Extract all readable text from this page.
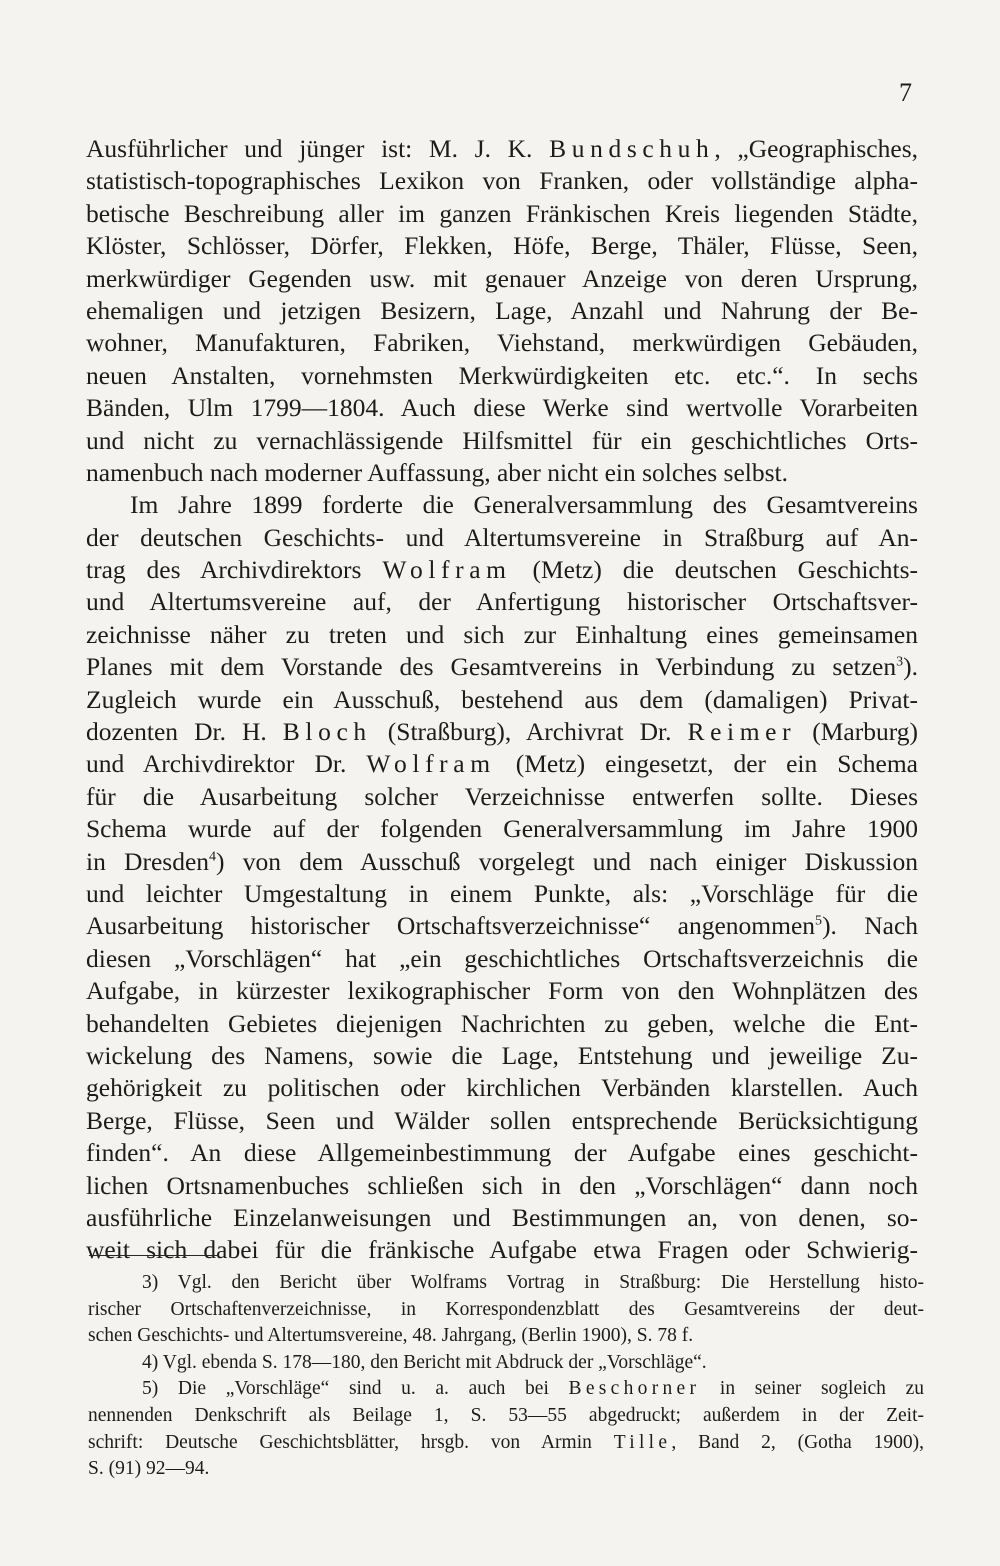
7
Ausführlicher und jünger ist: M. J. K. Bundschuh, „Geographisches,
statistisch-topographisches Lexikon von Franken, oder vollständige alpha-
betische Beschreibung aller im ganzen Fränkischen Kreis liegenden Städte,
Klöster, Schlösser, Dörfer, Flekken, Höfe, Berge, Thäler, Flüsse, Seen,
merkwürdiger Gegenden usw. mit genauer Anzeige von deren Ursprung,
ehemaligen und jetzigen Besizern, Lage, Anzahl und Nahrung der Be-
wohner, Manufakturen, Fabriken, Viehstand, merkwürdigen Gebäuden,
neuen Anstalten, vornehmsten Merkwürdigkeiten etc. etc.“. In sechs
Bänden, Ulm 1799—1804. Auch diese Werke sind wertvolle Vorarbeiten
und nicht zu vernachlässigende Hilfsmittel für ein geschichtliches Orts-
namenbuch nach moderner Auffassung, aber nicht ein solches selbst.
Im Jahre 1899 forderte die Generalversammlung des Gesamtvereins
der deutschen Geschichts- und Altertumsvereine in Straßburg auf An-
trag des Archivdirektors Wolfram (Metz) die deutschen Geschichts-
und Altertumsvereine auf, der Anfertigung historischer Ortschaftsver-
zeichnisse näher zu treten und sich zur Einhaltung eines gemeinsamen
Planes mit dem Vorstande des Gesamtvereins in Verbindung zu setzen$^3$).
Zugleich wurde ein Ausschuß, bestehend aus dem (damaligen) Privat-
dozenten Dr. H. Bloch (Straßburg), Archivrat Dr. Reimer (Marburg)
und Archivdirektor Dr. Wolfram (Metz) eingesetzt, der ein Schema
für die Ausarbeitung solcher Verzeichnisse entwerfen sollte. Dieses
Schema wurde auf der folgenden Generalversammlung im Jahre 1900
in Dresden$^4$) von dem Ausschuß vorgelegt und nach einiger Diskussion
und leichter Umgestaltung in einem Punkte, als: „Vorschläge für die
Ausarbeitung historischer Ortschaftsverzeichnisse“ angenommen$^5$). Nach
diesen „Vorschlägen“ hat „ein geschichtliches Ortschaftsverzeichnis die
Aufgabe, in kürzester lexikographischer Form von den Wohnplätzen des
behandelten Gebietes diejenigen Nachrichten zu geben, welche die Ent-
wickelung des Namens, sowie die Lage, Entstehung und jeweilige Zu-
gehörigkeit zu politischen oder kirchlichen Verbänden klarstellen. Auch
Berge, Flüsse, Seen und Wälder sollen entsprechende Berücksichtigung
finden“. An diese Allgemeinbestimmung der Aufgabe eines geschicht-
lichen Ortsnamenbuches schließen sich in den „Vorschlägen“ dann noch
ausführliche Einzelanweisungen und Bestimmungen an, von denen, so-
weit sich dabei für die fränkische Aufgabe etwa Fragen oder Schwierig-
3) Vgl. den Bericht über Wolframs Vortrag in Straßburg: Die Herstellung histo-
rischer Ortschaftenverzeichnisse, in Korrespondenzblatt des Gesamtvereins der deut-
schen Geschichts- und Altertumsvereine, 48. Jahrgang, (Berlin 1900), S. 78 f.
4) Vgl. ebenda S. 178—180, den Bericht mit Abdruck der „Vorschläge“.
5) Die „Vorschläge“ sind u. a. auch bei Beschorner in seiner sogleich zu
nennenden Denkschrift als Beilage 1, S. 53—55 abgedruckt; außerdem in der Zeit-
schrift: Deutsche Geschichtsblätter, hrsgb. von Armin Tille, Band 2, (Gotha 1900),
S. (91) 92—94.
